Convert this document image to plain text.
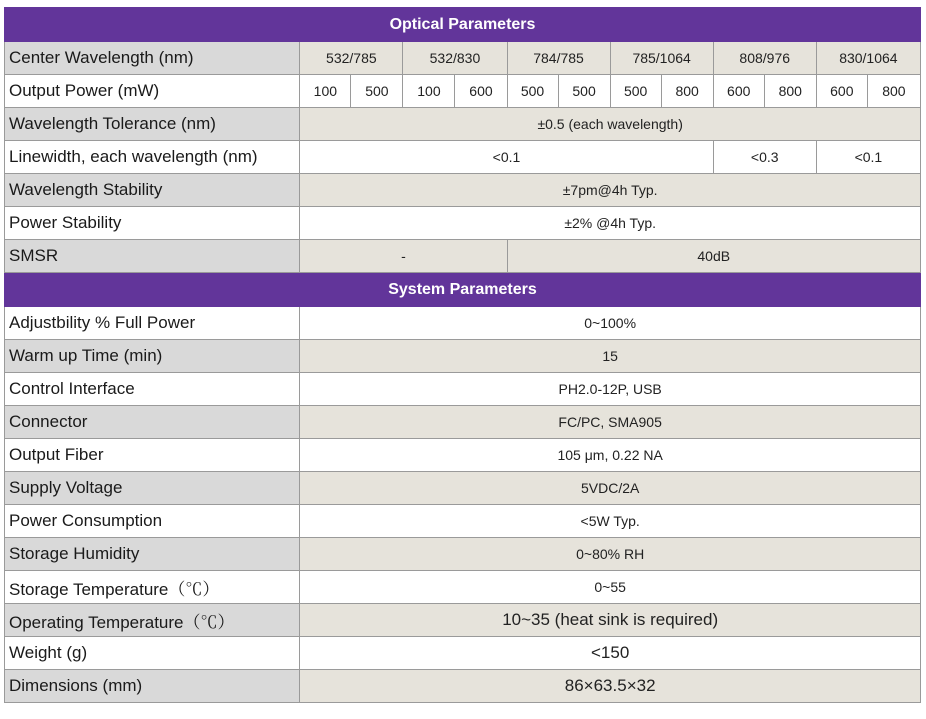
Optical Parameters												
Center Wavelength (nm)	532/785		532/830		784/785		785/1064		808/976		830/1064	
Output Power (mW)	100	500	100	600	500	500	500	800	600	800	600	800
Wavelength Tolerance (nm)	±0.5 (each wavelength)											
Linewidth, each wavelength (nm)	<0.1								<0.3		<0.1	
Wavelength Stability	±7pm@4h Typ.											
Power Stability	±2% @4h Typ.											
SMSR	-				40dB							
System Parameters												
Adjustbility % Full Power	0~100%											
Warm up Time (min)	15											
Control Interface	PH2.0-12P, USB											
Connector	FC/PC, SMA905											
Output Fiber	105 μm, 0.22 NA											
Supply Voltage	5VDC/2A											
Power Consumption	<5W Typ.											
Storage Humidity	0~80% RH											
Storage Temperature（℃）	0~55											
Operating Temperature（℃）	10~35 (heat sink is required)											
Weight (g)	<150											
Dimensions (mm)	86×63.5×32											
